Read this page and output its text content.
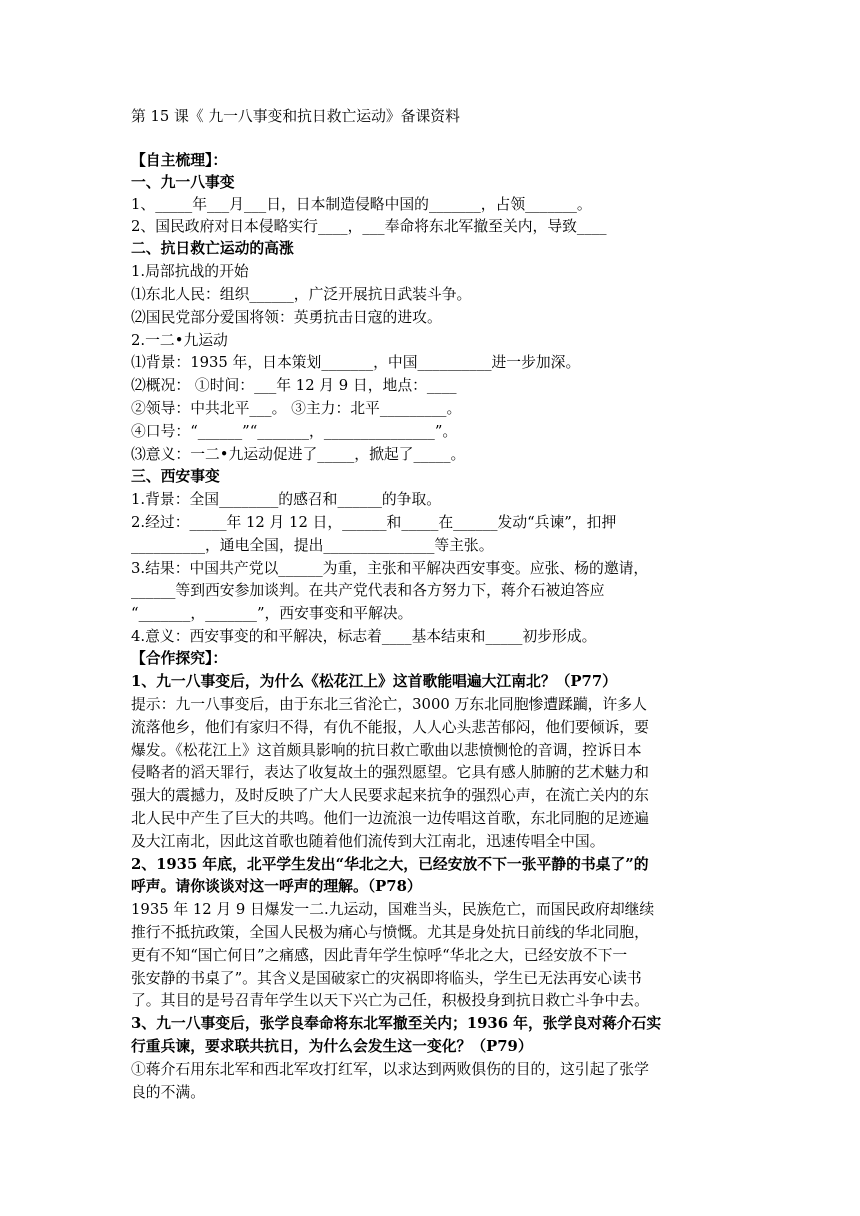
第 15 课《 九一八事变和抗日救亡运动》备课资料
【自主梳理】：
一、九一八事变
1、_____年___月___日，日本制造侵略中国的_______，占领_______。
2、国民政府对日本侵略实行____，___奉命将东北军撤至关内，导致____
二、抗日救亡运动的高涨
1.局部抗战的开始
⑴东北人民：组织______，广泛开展抗日武装斗争。
⑵国民党部分爱国将领：英勇抗击日寇的进攻。
2.一二•九运动
⑴背景：1935 年，日本策划_______，中国__________进一步加深。
⑵概况： ①时间：___年 12 月 9 日，地点：____
②领导：中共北平___。 ③主力：北平_________。
④口号：“______”“_______，_______________”。
⑶意义：一二•九运动促进了_____，掀起了_____。
三、西安事变
1.背景：全国________的感召和______的争取。
2.经过：_____年 12 月 12 日，______和_____在______发动“兵谏”，扣押
__________，通电全国，提出_______________等主张。
3.结果：中国共产党以______为重，主张和平解决西安事变。应张、杨的邀请，
______等到西安参加谈判。在共产党代表和各方努力下，蒋介石被迫答应
“_______，_______”，西安事变和平解决。
4.意义：西安事变的和平解决，标志着____基本结束和_____初步形成。
【合作探究】：
1、九一八事变后，为什么《松花江上》这首歌能唱遍大江南北？（P77）
提示：九一八事变后，由于东北三省沦亡，3000 万东北同胞惨遭蹂躏，许多人
流落他乡，他们有家归不得，有仇不能报，人人心头悲苦郁闷，他们要倾诉，要
爆发。《松花江上》这首颇具影响的抗日救亡歌曲以悲愤恻怆的音调，控诉日本
侵略者的滔天罪行，表达了收复故土的强烈愿望。它具有感人肺腑的艺术魅力和
强大的震撼力，及时反映了广大人民要求起来抗争的强烈心声，在流亡关内的东
北人民中产生了巨大的共鸣。他们一边流浪一边传唱这首歌，东北同胞的足迹遍
及大江南北，因此这首歌也随着他们流传到大江南北，迅速传唱全中国。
2、1935 年底，北平学生发出“华北之大，已经安放不下一张平静的书桌了”的
呼声。请你谈谈对这一呼声的理解。（P78）
1935 年 12 月 9 日爆发一二.九运动，国难当头，民族危亡，而国民政府却继续
推行不抵抗政策，全国人民极为痛心与愤慨。尤其是身处抗日前线的华北同胞，
更有不知“国亡何日”之痛感，因此青年学生惊呼“华北之大，已经安放不下一
张安静的书桌了”。其含义是国破家亡的灾祸即将临头，学生已无法再安心读书
了。其目的是号召青年学生以天下兴亡为己任，积极投身到抗日救亡斗争中去。
3、九一八事变后，张学良奉命将东北军撤至关内；1936 年，张学良对蒋介石实
行重兵谏，要求联共抗日，为什么会发生这一变化？（P79）
①蒋介石用东北军和西北军攻打红军，以求达到两败俱伤的目的，这引起了张学
良的不满。
